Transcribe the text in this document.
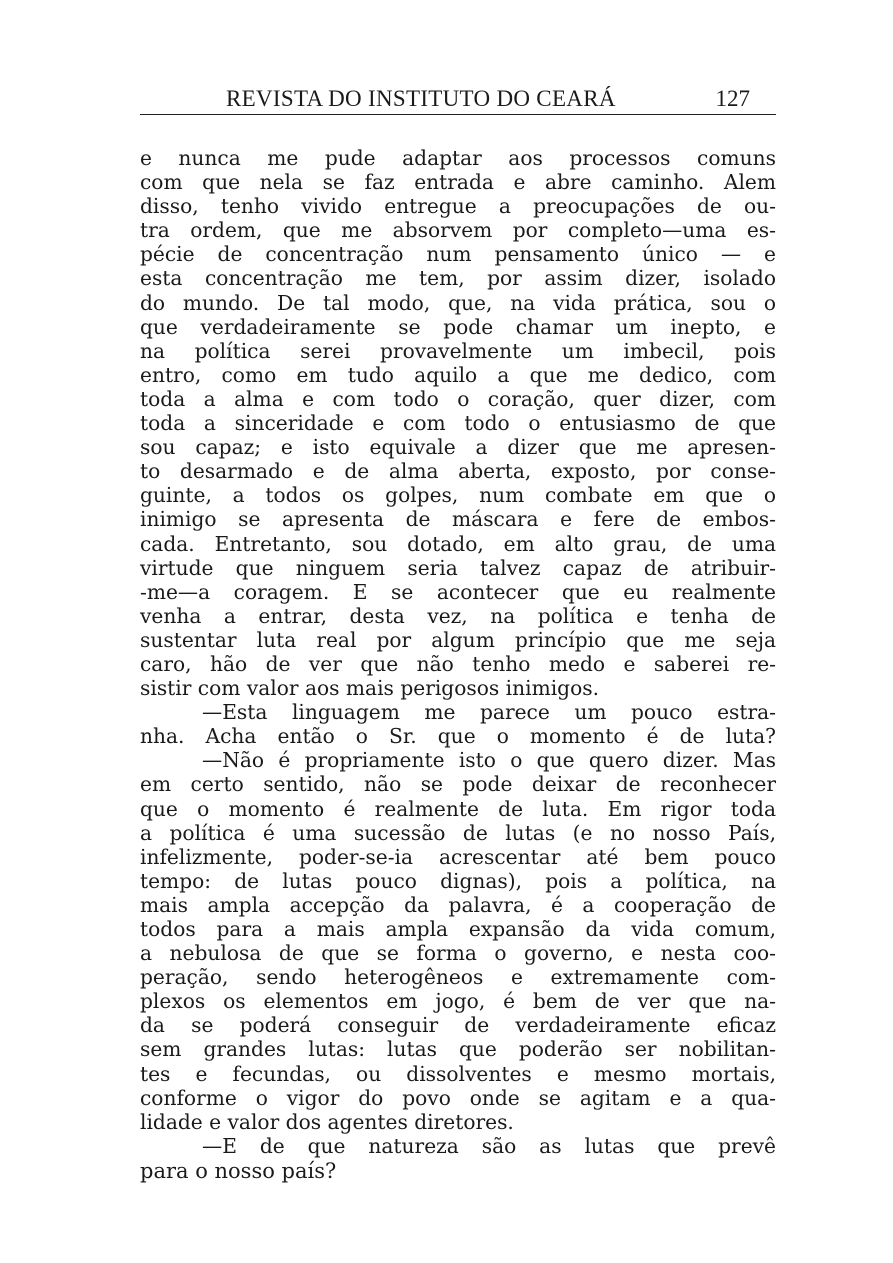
REVISTA DO INSTITUTO DO CEARÁ	127
e nunca me pude adaptar aos processos comuns
com que nela se faz entrada e abre caminho. Alem
disso, tenho vivido entregue a preocupações de ou-
tra ordem, que me absorvem por completo—uma es-
pécie de concentração num pensamento único — e
esta concentração me tem, por assim dizer, isolado
do mundo. De tal modo, que, na vida prática, sou o
que verdadeiramente se pode chamar um inepto, e
na política serei provavelmente um imbecil, pois
entro, como em tudo aquilo a que me dedico, com
toda a alma e com todo o coração, quer dizer, com
toda a sinceridade e com todo o entusiasmo de que
sou capaz; e isto equivale a dizer que me apresen-
to desarmado e de alma aberta, exposto, por conse-
guinte, a todos os golpes, num combate em que o
inimigo se apresenta de máscara e fere de embos-
cada. Entretanto, sou dotado, em alto grau, de uma
virtude que ninguem seria talvez capaz de atribuir-
-me—a coragem. E se acontecer que eu realmente
venha a entrar, desta vez, na política e tenha de
sustentar luta real por algum princípio que me seja
caro, hão de ver que não tenho medo e saberei re-
sistir com valor aos mais perigosos inimigos.
—Esta linguagem me parece um pouco estra-
nha. Acha então o Sr. que o momento é de luta?
—Não é propriamente isto o que quero dizer. Mas
em certo sentido, não se pode deixar de reconhecer
que o momento é realmente de luta. Em rigor toda
a política é uma sucessão de lutas (e no nosso País,
infelizmente, poder-se-ia acrescentar até bem pouco
tempo: de lutas pouco dignas), pois a política, na
mais ampla accepção da palavra, é a cooperação de
todos para a mais ampla expansão da vida comum,
a nebulosa de que se forma o governo, e nesta coo-
peração, sendo heterogêneos e extremamente com-
plexos os elementos em jogo, é bem de ver que na-
da se poderá conseguir de verdadeiramente eficaz
sem grandes lutas: lutas que poderão ser nobilitan-
tes e fecundas, ou dissolventes e mesmo mortais,
conforme o vigor do povo onde se agitam e a qua-
lidade e valor dos agentes diretores.
—E de que natureza são as lutas que prevê
para o nosso país?
